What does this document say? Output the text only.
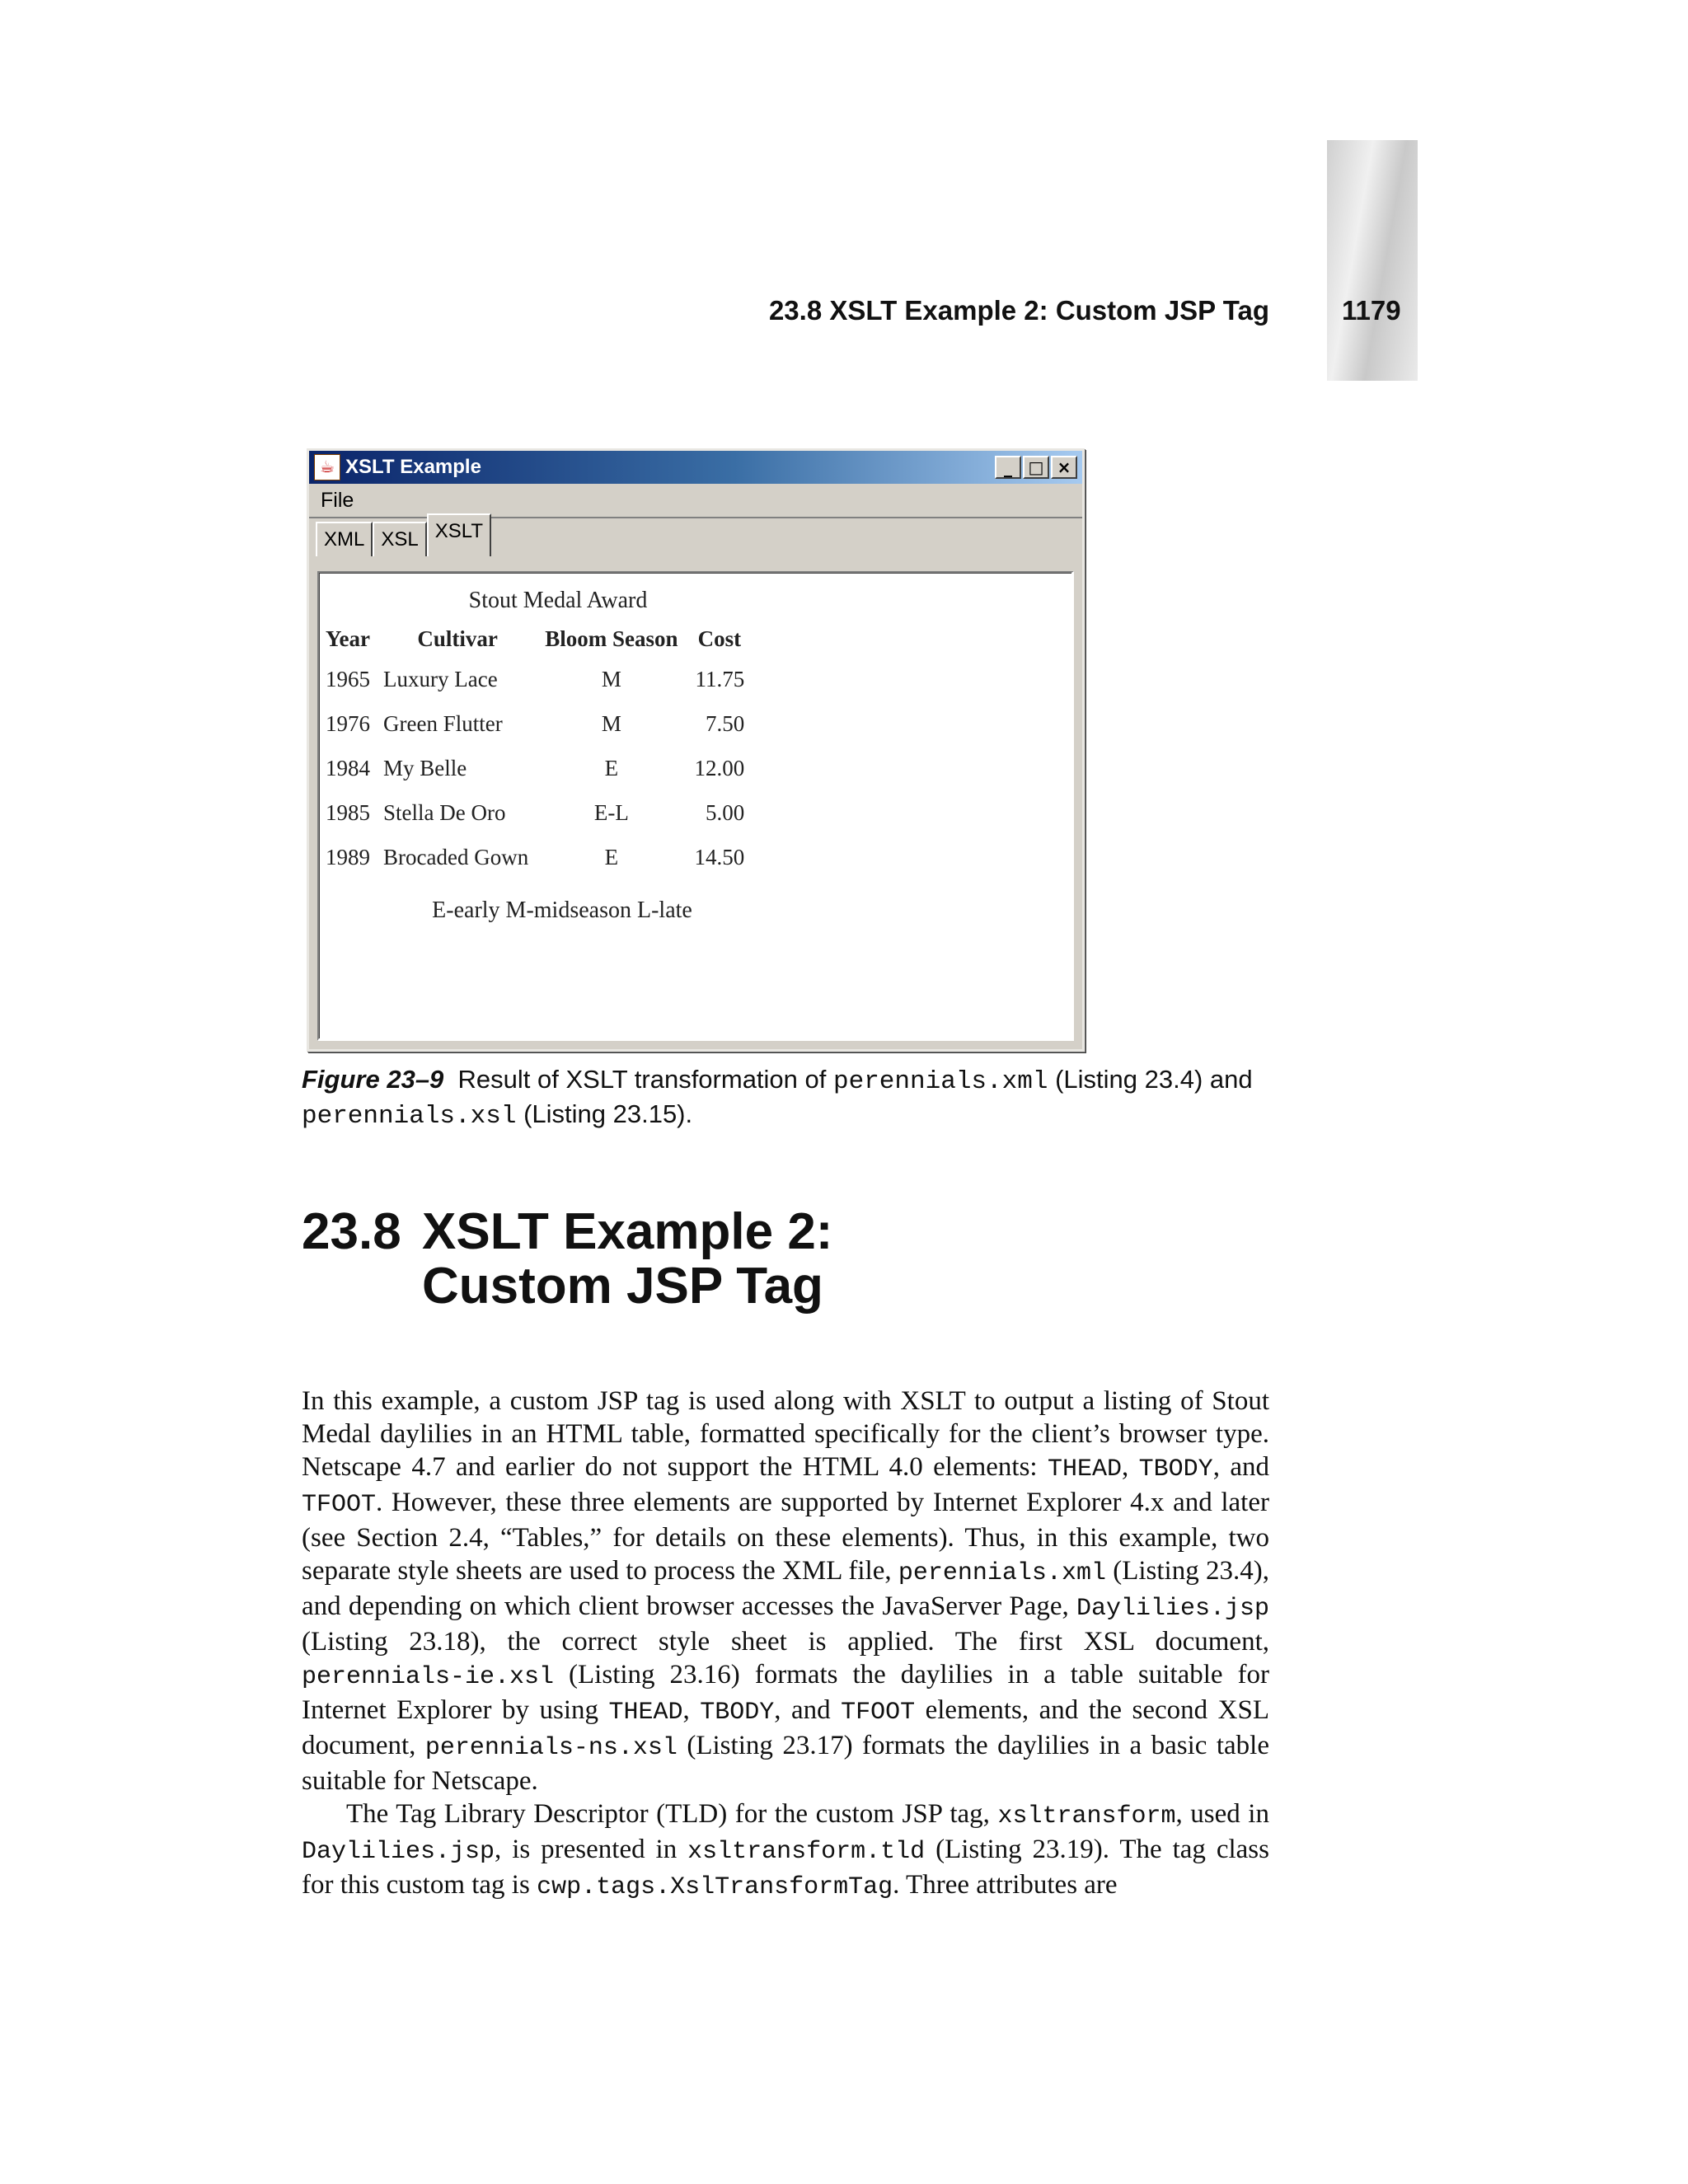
23.8 XSLT Example 2: Custom JSP Tag	1179
☕ XSLT Example	_ □ ×
File
XML XSL XSLT
Stout Medal Award
Year	Cultivar	Bloom Season	Cost
1965	Luxury Lace	M	11.75
1976	Green Flutter	M	7.50
1984	My Belle	E	12.00
1985	Stella De Oro	E-L	5.00
1989	Brocaded Gown	E	14.50
E-early M-midseason L-late
Figure 23–9 Result of XSLT transformation of perennials.xml (Listing 23.4) and
perennials.xsl (Listing 23.15).
23.8 XSLT Example 2:
Custom JSP Tag

In this example, a custom JSP tag is used along with XSLT to output a listing of Stout Medal daylilies in an HTML table, formatted specifically for the client’s browser type. Netscape 4.7 and earlier do not support the HTML 4.0 elements: THEAD, TBODY, and TFOOT. However, these three elements are supported by Internet Explorer 4.x and later (see Section 2.4, “Tables,” for details on these elements). Thus, in this example, two separate style sheets are used to process the XML file, perennials.xml (Listing 23.4), and depending on which client browser accesses the JavaServer Page, Daylilies.jsp (Listing 23.18), the correct style sheet is applied. The first XSL document, perennials-ie.xsl (Listing 23.16) formats the daylilies in a table suitable for Internet Explorer by using THEAD, TBODY, and TFOOT elements, and the second XSL document, perennials-ns.xsl (Listing 23.17) formats the daylilies in a basic table suitable for Netscape.

The Tag Library Descriptor (TLD) for the custom JSP tag, xsltransform, used in Daylilies.jsp, is presented in xsltransform.tld (Listing 23.19). The tag class for this custom tag is cwp.tags.XslTransformTag. Three attributes are
